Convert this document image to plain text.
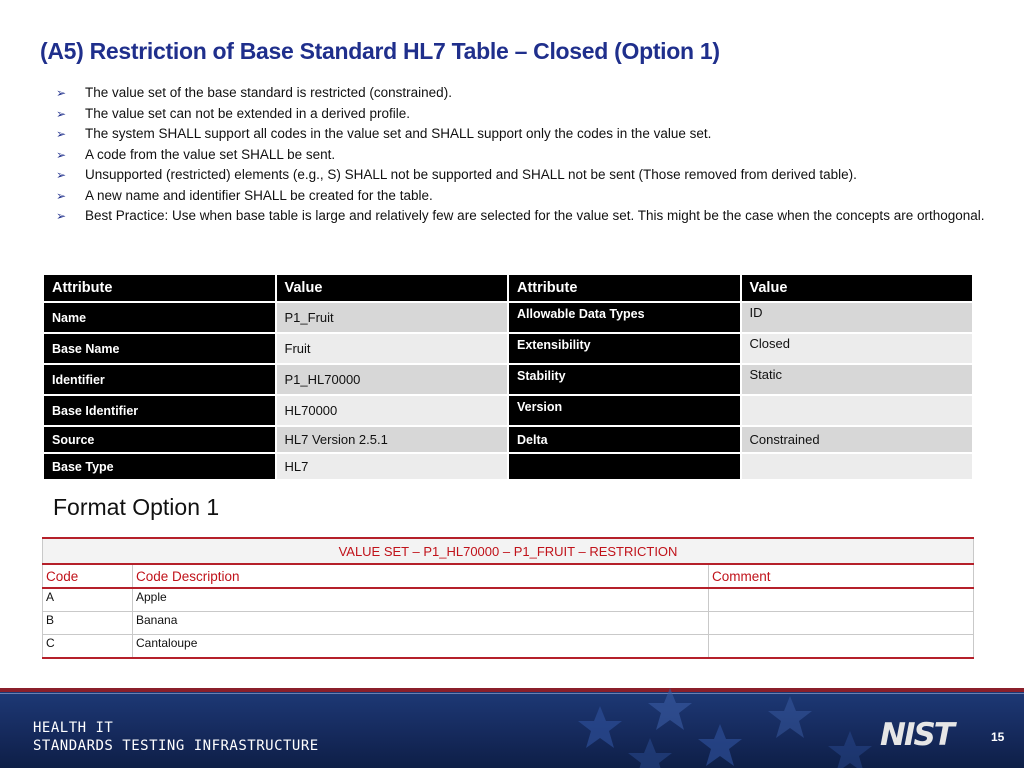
(A5) Restriction of Base Standard HL7 Table – Closed (Option 1)
➢ The value set of the base standard is restricted (constrained).
➢ The value set can not be extended in a derived profile.
➢ The system SHALL support all codes in the value set and SHALL support only the codes in the value set.
➢ A code from the value set SHALL be sent.
➢ Unsupported (restricted) elements (e.g., S) SHALL not be supported and SHALL not be sent (Those removed from derived table).
➢ A new name and identifier SHALL be created for the table.
➢ Best Practice: Use when base table is large and relatively few are selected for the value set. This might be the case when the concepts are orthogonal.
Attribute	Value	Attribute	Value
Name	P1_Fruit	Allowable Data Types	ID
Base Name	Fruit	Extensibility	Closed
Identifier	P1_HL70000	Stability	Static
Base Identifier	HL70000	Version	
Source	HL7 Version 2.5.1	Delta	Constrained
Base Type	HL7		
Format Option 1
VALUE SET – P1_HL70000 – P1_FRUIT – RESTRICTION		
Code	Code Description	Comment
A	Apple	
B	Banana	
C	Cantaloupe	
HEALTH IT
STANDARDS TESTING INFRASTRUCTURE	NIST	15
